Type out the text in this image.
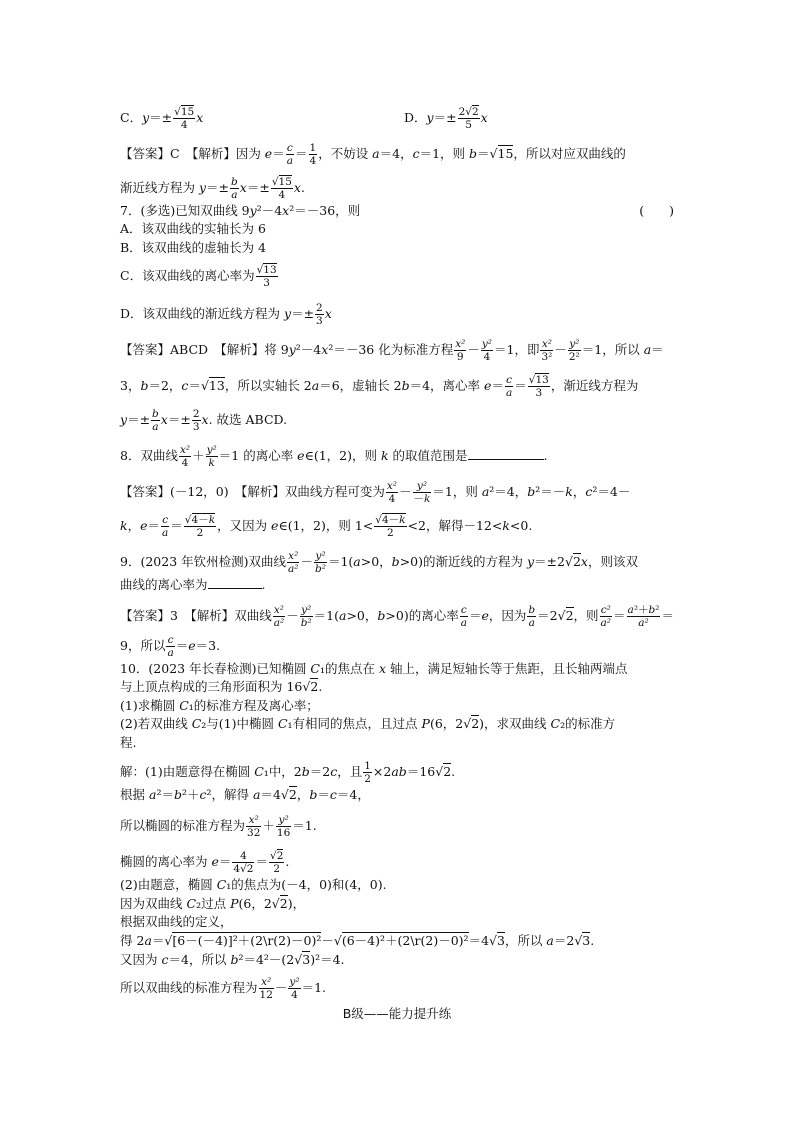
C．$y=\pm \frac{√15}{4}$ x	D．$y=\pm \frac{2√2}{5}$ x
【答案】C　【解析】因为 $e= \frac{c}{a} = \frac{1}{4}$ ，不妨设 a＝4，c＝1，则 b＝√15，所以对应双曲线的
渐近线方程为 $y=\pm \frac{b}{a} x=\pm \frac{√15}{4} x$.
7．(多选)已知双曲线 9y²－4x²＝－36，则	(　　)
A．该双曲线的实轴长为 6
B．该双曲线的虚轴长为 4
C．该双曲线的离心率为 $\frac{√13}{3}$
D．该双曲线的渐近线方程为 $y=\pm \frac{2}{3}$ x
【答案】ABCD　【解析】将 9y²－4x²＝－36 化为标准方程 $\frac{\text{x²}}{9} - \frac{\text{y²}}{4} =1$，即 $\frac{\text{x²}}{\text{3²}} - \frac{\text{y²}}{\text{2²}} =1$，所以 a＝
3，b＝2，c＝√13，所以实轴长 2a＝6，虚轴长 2b＝4，离心率 $e= \frac{c}{a} = \frac{√13}{3}$ ，渐近线方程为
$y=\pm \frac{b}{a} x=\pm \frac{2}{3} x$. 故选 ABCD.
8．双曲线 $\frac{\text{x²}}{4} + \frac{\text{y²}}{k} =1$ 的离心率 e∈(1，2)，则 k 的取值范围是	.
【答案】(－12，0)　【解析】双曲线方程可变为 $\frac{\text{x²}}{4} - \frac{\text{y²}}{-k} =1$，则 a²＝4，b²＝－k，c²＝4－
k，$e= \frac{c}{a} = \frac{√4-k}{2}$ ，又因为 e∈(1，2)，则 $1< \frac{√4-k}{2} <2$，解得－12<k<0.
9．(2023 年钦州检测)双曲线 $\frac{\text{x²}}{\text{a²}} - \frac{\text{y²}}{\text{b²}} =1(a>0$，b>0)的渐近线的方程为 y＝±2√2x，则该双
曲线的离心率为	.
【答案】3　【解析】双曲线 $\frac{\text{x²}}{\text{a²}} - \frac{\text{y²}}{\text{b²}} =1(a>0$，b>0)的离心率 $\frac{c}{a} =e$，因为 $\frac{b}{a} =2√2$，则 $\frac{\text{c²}}{\text{a²}} = \frac{\text{a²＋b²}}{\text{a²}}$ ＝
9，所以 $\frac{c}{a} =e=3$.
10．(2023 年长春检测)已知椭圆 C₁的焦点在 x 轴上，满足短轴长等于焦距，且长轴两端点
与上顶点构成的三角形面积为 16√2.
(1)求椭圆 C₁的标准方程及离心率；
(2)若双曲线 C₂与(1)中椭圆 C₁有相同的焦点，且过点 P(6，2√2)，求双曲线 C₂的标准方
程.
解：(1)由题意得在椭圆 C₁中，2b＝2c，且 $\frac{1}{2} \times 2ab=16√2$.
根据 a²＝b²＋c²，解得 a＝4√2，b＝c＝4，
所以椭圆的标准方程为 $\frac{\text{x²}}{32} + \frac{\text{y²}}{16} =1$.
椭圆的离心率为 $e= \frac{4}{4√2} = \frac{√2}{2}$ .
(2)由题意，椭圆 C₁的焦点为(－4，0)和(4，0).
因为双曲线 C₂过点 P(6，2√2)，
根据双曲线的定义，
得 2a＝√[6－(－4)]²＋(2\r(2)－0)²－√(6－4)²＋(2\r(2)－0)²＝4√3，所以 a＝2√3.
又因为 c＝4，所以 b²＝4²－(2√3)²＝4.
所以双曲线的标准方程为 $\frac{\text{x²}}{12} - \frac{\text{y²}}{4} =1$.
B级——能力提升练
